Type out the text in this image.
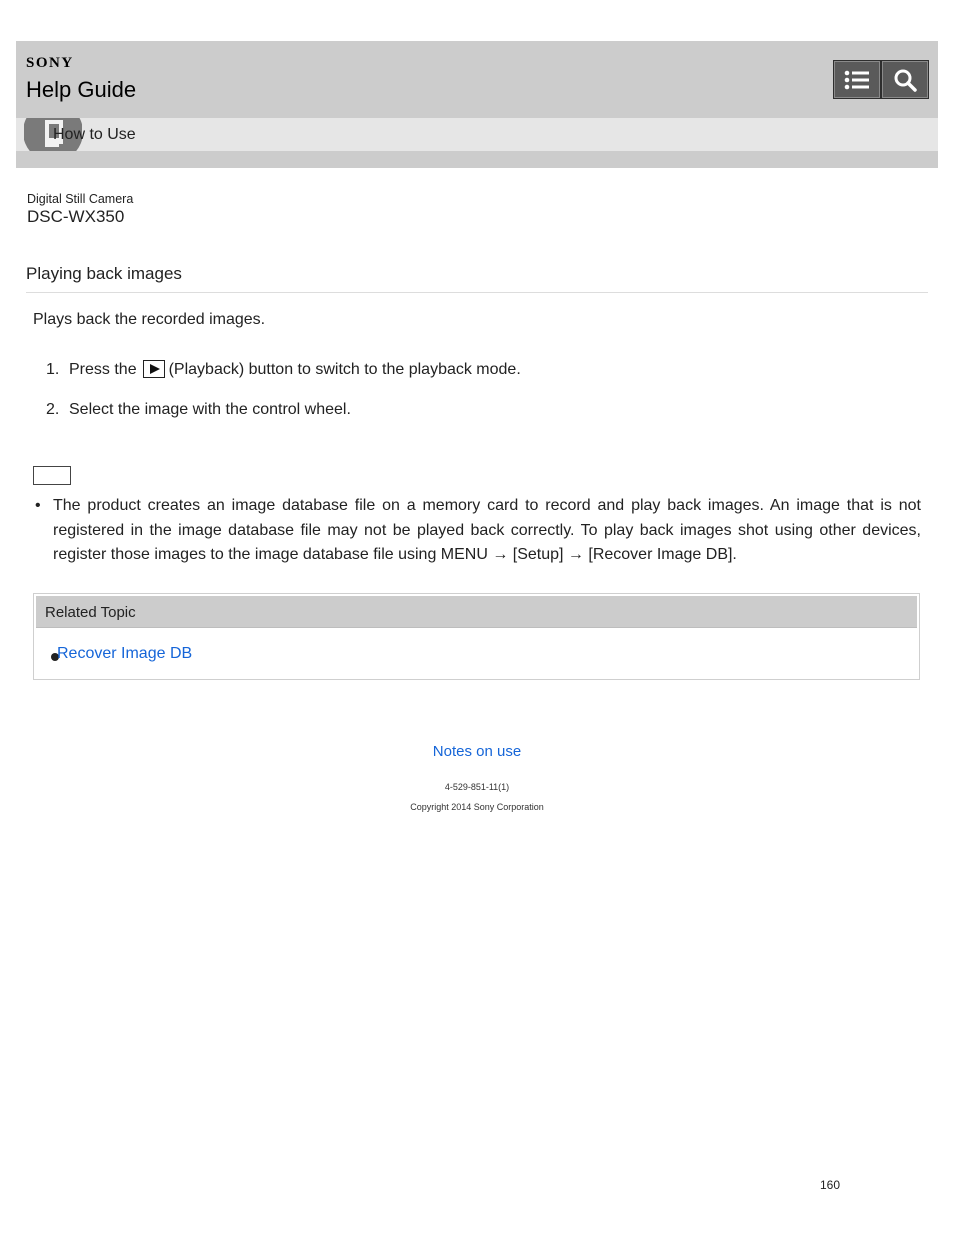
SONY
Help Guide
How to Use
Digital Still Camera
DSC-WX350
Playing back images
Plays back the recorded images.
1. Press the (Playback) button to switch to the playback mode.
2. Select the image with the control wheel.
• The product creates an image database file on a memory card to record and play back images. An image that is not registered in the image database file may not be played back correctly. To play back images shot using other devices, register those images to the image database file using MENU → [Setup] → [Recover Image DB].
Related Topic
Recover Image DB
Notes on use
4-529-851-11(1)
Copyright 2014 Sony Corporation
160
